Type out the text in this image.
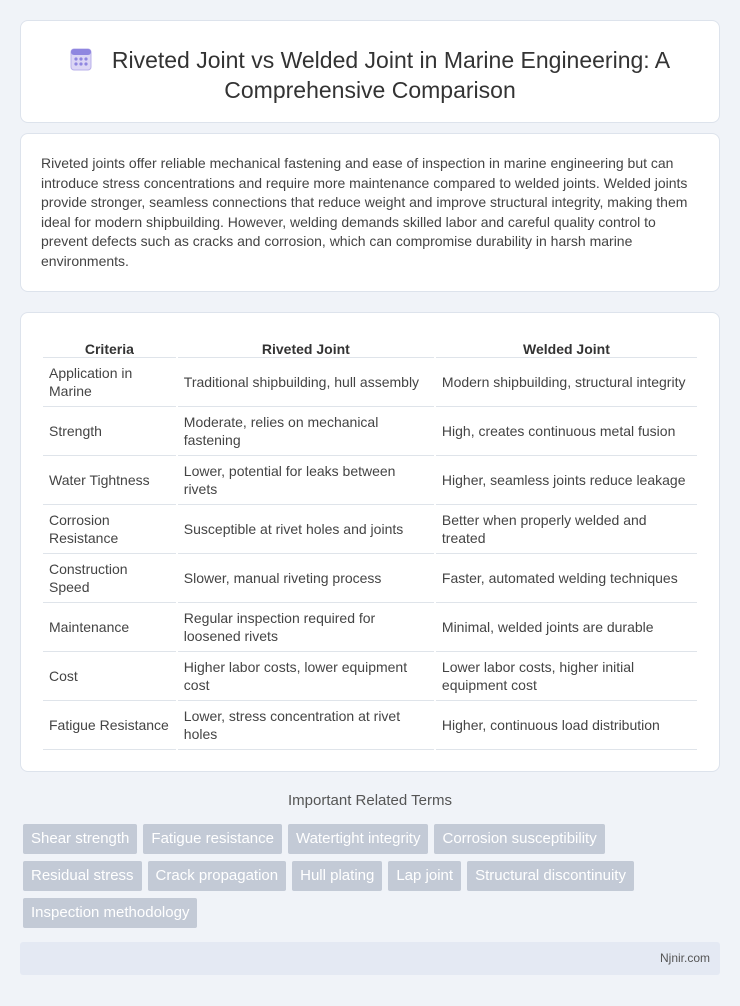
Riveted Joint vs Welded Joint in Marine Engineering: A Comprehensive Comparison

Riveted joints offer reliable mechanical fastening and ease of inspection in marine engineering but can introduce stress concentrations and require more maintenance compared to welded joints. Welded joints provide stronger, seamless connections that reduce weight and improve structural integrity, making them ideal for modern shipbuilding. However, welding demands skilled labor and careful quality control to prevent defects such as cracks and corrosion, which can compromise durability in harsh marine environments.

Criteria	Riveted Joint	Welded Joint
Application in Marine	Traditional shipbuilding, hull assembly	Modern shipbuilding, structural integrity
Strength	Moderate, relies on mechanical fastening	High, creates continuous metal fusion
Water Tightness	Lower, potential for leaks between rivets	Higher, seamless joints reduce leakage
Corrosion Resistance	Susceptible at rivet holes and joints	Better when properly welded and treated
Construction Speed	Slower, manual riveting process	Faster, automated welding techniques
Maintenance	Regular inspection required for loosened rivets	Minimal, welded joints are durable
Cost	Higher labor costs, lower equipment cost	Lower labor costs, higher initial equipment cost
Fatigue Resistance	Lower, stress concentration at rivet holes	Higher, continuous load distribution
Important Related Terms
Shear strength	Fatigue resistance	Watertight integrity	Corrosion susceptibility
Residual stress	Crack propagation	Hull plating	Lap joint	Structural discontinuity
Inspection methodology
Njnir.com
